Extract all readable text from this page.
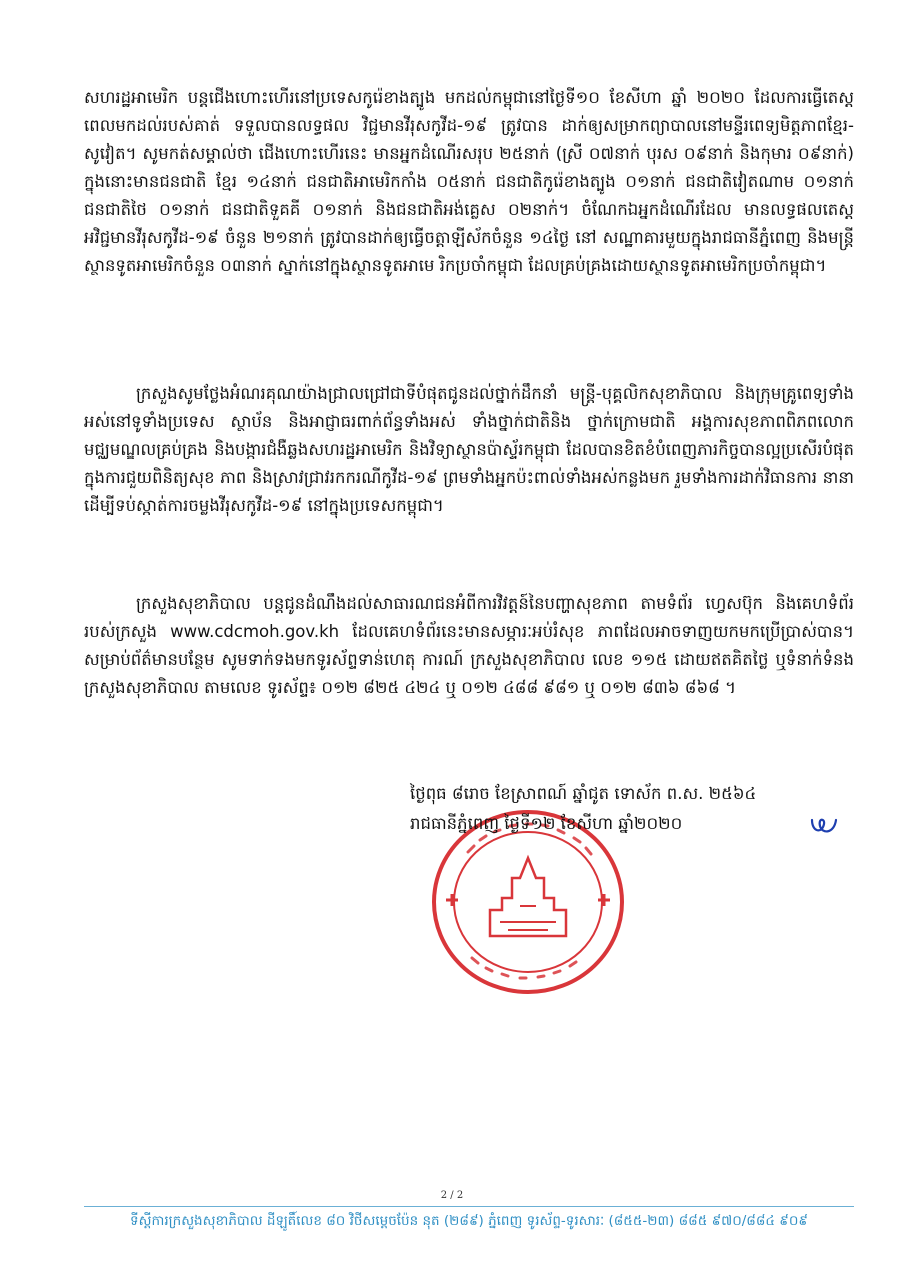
សហរដ្ឋអាមេរិក បន្តជើងហោះហើរនៅប្រទេសកូរ៉េខាងត្បូង មកដល់កម្ពុជានៅថ្ងៃទី១០ ខែសីហា ឆ្នាំ ២០២០ ដែលការធ្វើតេស្តពេលមកដល់របស់គាត់ ទទួលបានលទ្ធផល វិជ្ជមានវីរុសកូវីដ-១៩ ត្រូវបាន ដាក់ឲ្យសម្រាកព្យាបាលនៅមន្ទីរពេទ្យមិត្តភាពខ្មែរ-សូវៀត។ សូមកត់សម្គាល់ថា ជើងហោះហើរនេះ មានអ្នកដំណើរសរុប ២៥នាក់ (ស្រី ០៧នាក់ បុរស ០៩នាក់ និងកុមារ ០៩នាក់) ក្នុងនោះមានជនជាតិ ខ្មែរ ១៤នាក់ ជនជាតិអាមេរិកកាំង ០៥នាក់ ជនជាតិកូរ៉េខាងត្បូង ០១នាក់ ជនជាតិវៀតណាម ០១នាក់ ជនជាតិថៃ ០១នាក់ ជនជាតិទួគគី ០១នាក់ និងជនជាតិអង់គ្លេស ០២នាក់។ ចំណែកឯអ្នកដំណើរដែល មានលទ្ធផលតេស្ត អវិជ្ជមានវីរុសកូវីដ-១៩ ចំនួន ២១នាក់ ត្រូវបានដាក់ឲ្យធ្វើចត្តាឡីស័កចំនួន ១៤ថ្ងៃ នៅ សណ្ឋាគារមួយក្នុងរាជធានីភ្នំពេញ និងមន្ត្រីស្ថានទូតអាមេរិកចំនួន ០៣នាក់ ស្នាក់នៅក្នុងស្ថានទូតអាមេ រិកប្រចាំកម្ពុជា ដែលគ្រប់គ្រងដោយស្ថានទូតអាមេរិកប្រចាំកម្ពុជា។

ក្រសួងសូមថ្លែងអំណរគុណយ៉ាងជ្រាលជ្រៅជាទីបំផុតជូនដល់ថ្នាក់ដឹកនាំ មន្ត្រី-បុគ្គលិកសុខាភិបាល និងក្រុមគ្រូពេទ្យទាំងអស់នៅទូទាំងប្រទេស ស្ថាប័ន និងអាជ្ញាធរពាក់ព័ន្ធទាំងអស់ ទាំងថ្នាក់ជាតិនិង ថ្នាក់ក្រោមជាតិ អង្គការសុខភាពពិភពលោក មជ្ឈមណ្ឌលគ្រប់គ្រង និងបង្ការជំងឺឆ្លងសហរដ្ឋអាមេរិក និងវិទ្យាស្ថានប៉ាស្ទ័រកម្ពុជា ដែលបានខិតខំបំពេញភារកិច្ចបានល្អប្រសើរបំផុត ក្នុងការជួយពិនិត្យសុខ ភាព និងស្រាវជ្រាវរកករណីកូវីដ-១៩ ព្រមទាំងអ្នកប៉ះពាល់ទាំងអស់កន្លងមក រួមទាំងការដាក់វិធានការ នានា ដើម្បីទប់ស្កាត់ការចម្លងវីរុសកូវីដ-១៩ នៅក្នុងប្រទេសកម្ពុជា។

ក្រសួងសុខាភិបាល បន្តជូនដំណឹងដល់សាធារណជនអំពីការវិវត្តន៍នៃបញ្ហាសុខភាព តាមទំព័រ ហ្វេសប៊ុក និងគេហទំព័ររបស់ក្រសួង www.cdcmoh.gov.kh ដែលគេហទំព័រនេះមានសម្ភារៈអប់រំសុខ ភាពដែលអាចទាញយកមកប្រើប្រាស់បាន។ សម្រាប់ព័ត៌មានបន្ថែម សូមទាក់ទងមកទូរស័ព្ទទាន់ហេតុ ការណ៍ ក្រសួងសុខាភិបាល លេខ ១១៥ ដោយឥតគិតថ្លៃ ឬទំនាក់ទំនងក្រសួងសុខាភិបាល តាមលេខ ទូរស័ព្ទ៖ ០១២ ៨២៥ ៤២៤ ឬ ០១២ ៤៨៨ ៩៨១ ឬ ០១២ ៨៣៦ ៨៦៨ ។

ថ្ងៃពុធ ៨រោច ខែស្រាពណ៍ ឆ្នាំជូត ទោស័ក ព.ស. ២៥៦៤

រាជធានីភ្នំពេញ ថ្ងៃទី១២ ខែសីហា ឆ្នាំ២០២០

2 / 2
ទីស្តីការក្រសួងសុខាភិបាល ដីឡូតិ៍លេខ ៨០ វិថីសម្ដេចប៉ែន នុត (២៨៩) ភ្នំពេញ ទូរស័ព្ទ-ទូរសារៈ (៨៥៥-២៣) ៨៨៥ ៩៧០/៨៨៤ ៩០៩
